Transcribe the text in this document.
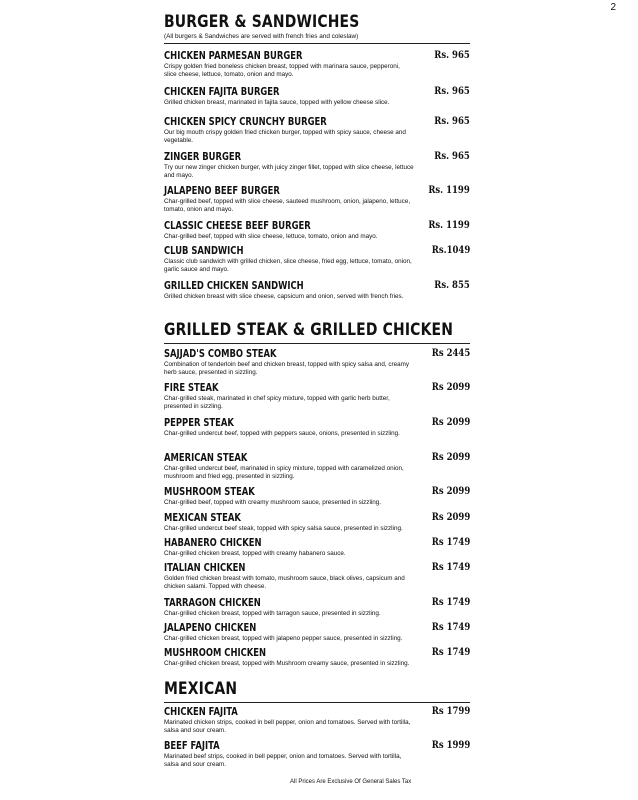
2
BURGER & SANDWICHES
(All burgers & Sandwiches are served with french fries and coleslaw)
CHICKEN PARMESAN BURGER	Rs. 965
Crispy golden fried boneless chicken breast, topped with marinara sauce, pepperoni, slice cheese, lettuce, tomato, onion and mayo.
CHICKEN FAJITA BURGER	Rs. 965
Grilled chicken breast, marinated in fajita sauce, topped with yellow cheese slice.
CHICKEN SPICY CRUNCHY BURGER	Rs. 965
Our big mouth crispy golden fried chicken burger, topped with spicy sauce, cheese and vegetable.
ZINGER BURGER	Rs. 965
Try our new zinger chicken burger, with juicy zinger fillet, topped with slice cheese, lettuce and mayo.
JALAPENO BEEF BURGER	Rs. 1199
Char-grilled beef, topped with slice cheese, sauteed mushroom, onion, jalapeno, lettuce, tomato, onion and mayo.
CLASSIC CHEESE BEEF BURGER	Rs. 1199
Char-grilled beef, topped with slice cheese, lettuce, tomato, onion and mayo.
CLUB SANDWICH	Rs.1049
Classic club sandwich with grilled chicken, slice cheese, fried egg, lettuce, tomato, onion, garlic sauce and mayo.
GRILLED CHICKEN SANDWICH	Rs. 855
Grilled chicken breast with slice cheese, capsicum and onion, served with french fries.
GRILLED STEAK & GRILLED CHICKEN
SAJJAD'S COMBO STEAK	Rs 2445
Combination of tenderloin beef and chicken breast, topped with spicy salsa and, creamy herb sauce, presented in sizzling.
FIRE STEAK	Rs 2099
Char-grilled steak, marinated in chef spicy mixture, topped with garlic herb butter, presented in sizzling.
PEPPER STEAK	Rs 2099
Char-grilled undercut beef, topped with peppers sauce, onions, presented in sizzling.
AMERICAN STEAK	Rs 2099
Char-grilled undercut beef, marinated in spicy mixture, topped with caramelized onion, mushroom and fried egg, presented in sizzling.
MUSHROOM STEAK	Rs 2099
Char-grilled beef, topped with creamy mushroom sauce, presented in sizzling.
MEXICAN STEAK	Rs 2099
Char-grilled undercut beef steak, topped with spicy salsa sauce, presented in sizzling.
HABANERO CHICKEN	Rs 1749
Char-grilled chicken breast, topped with creamy habanero sauce.
ITALIAN CHICKEN	Rs 1749
Golden fried chicken breast with tomato, mushroom sauce, black olives, capsicum and chicken salami. Topped with cheese.
TARRAGON CHICKEN	Rs 1749
Char-grilled chicken breast, topped with tarragon sauce, presented in sizzling.
JALAPENO CHICKEN	Rs 1749
Char-grilled chicken breast, topped with jalapeno pepper sauce, presented in sizzling.
MUSHROOM CHICKEN	Rs 1749
Char-grilled chicken breast, topped with Mushroom creamy sauce, presented in sizzling.
MEXICAN
CHICKEN FAJITA	Rs 1799
Marinated chicken strips, cooked in bell pepper, onion and tomatoes. Served with tortilla, salsa and sour cream.
BEEF FAJITA	Rs 1999
Marinated beef strips, cooked in bell pepper, onion and tomatoes. Served with tortilla, salsa and sour cream.
All Prices Are Exclusive Of General Sales Tax
